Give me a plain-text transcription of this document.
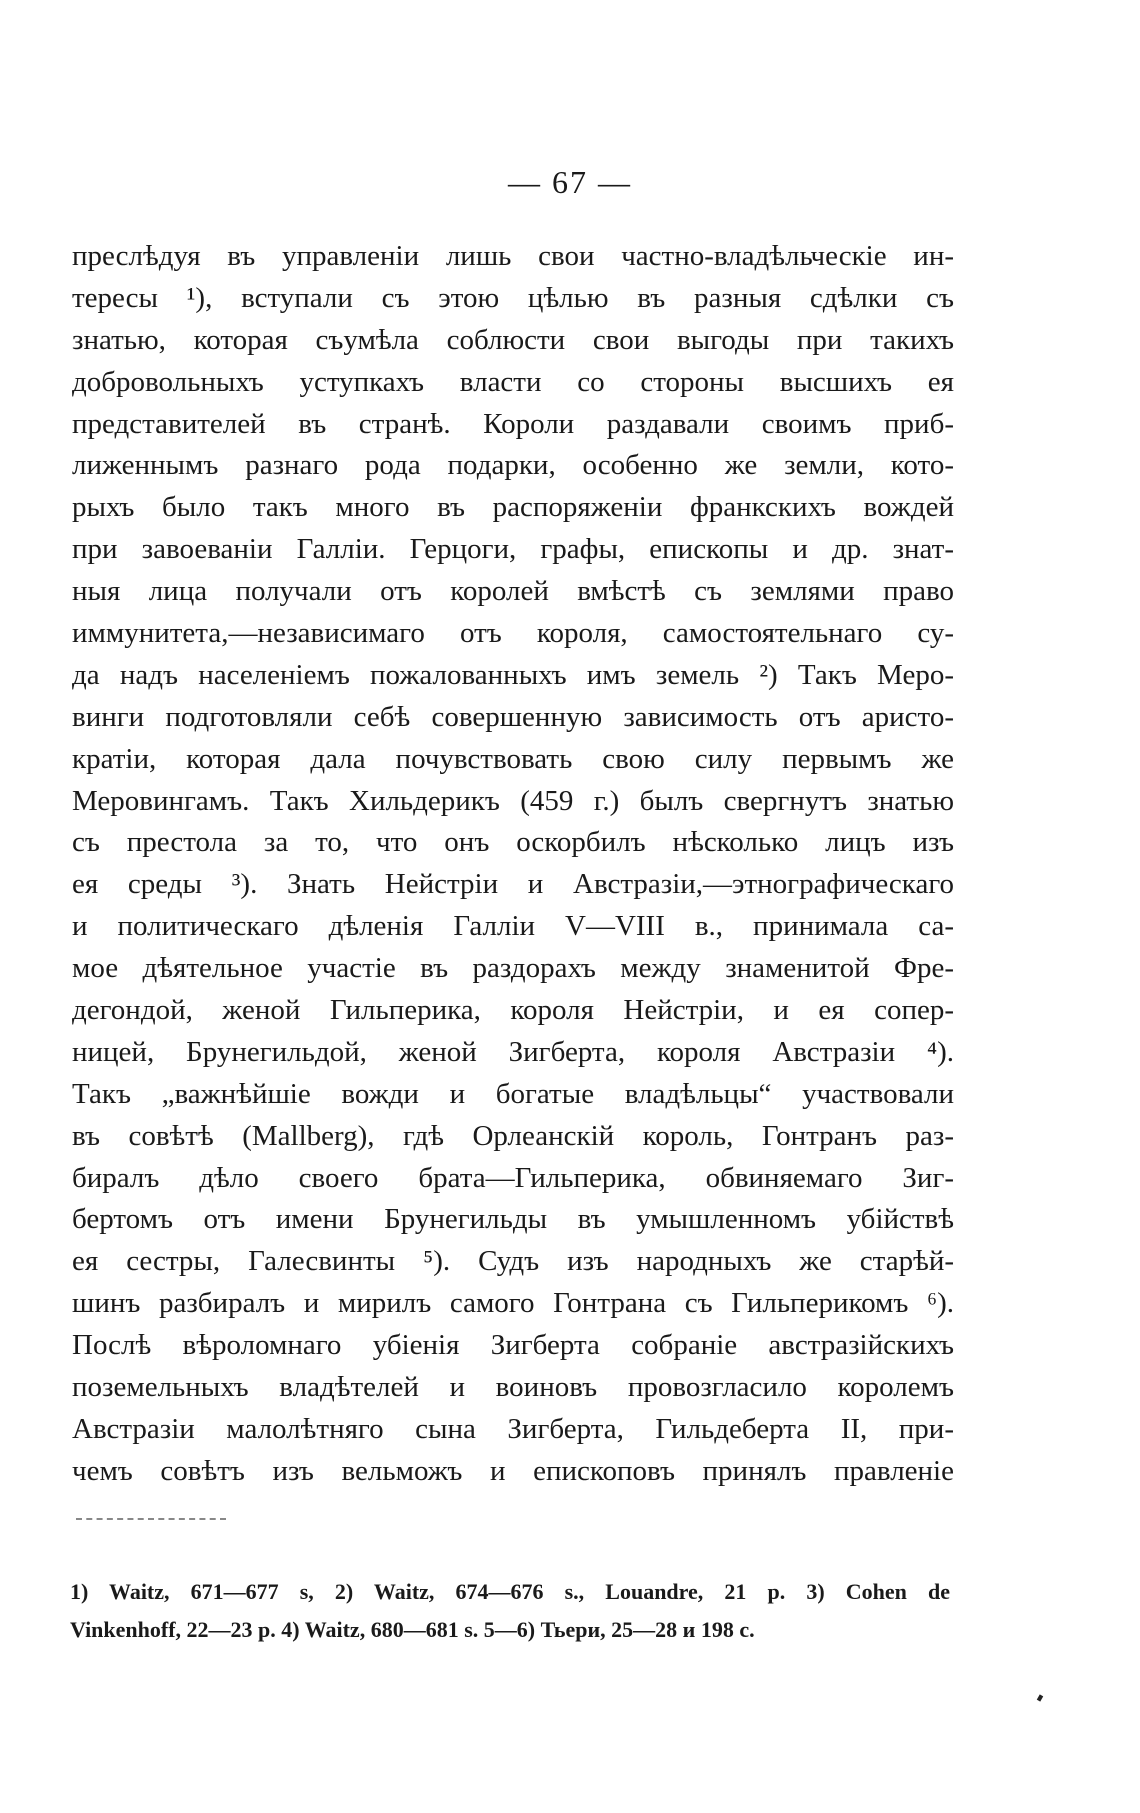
— 67 —
преслѣдуя въ управленіи лишь свои частно-владѣльческіе ин-
тересы ¹), вступали съ этою цѣлью въ разныя сдѣлки съ
знатью, которая съумѣла соблюсти свои выгоды при такихъ
добровольныхъ уступкахъ власти со стороны высшихъ ея
представителей въ странѣ. Короли раздавали своимъ приб-
лиженнымъ разнаго рода подарки, особенно же земли, кото-
рыхъ было такъ много въ распоряженіи франкскихъ вождей
при завоеваніи Галліи. Герцоги, графы, епископы и др. знат-
ныя лица получали отъ королей вмѣстѣ съ землями право
иммунитета,—независимаго отъ короля, самостоятельнаго су-
да надъ населеніемъ пожалованныхъ имъ земель ²) Такъ Меро-
винги подготовляли себѣ совершенную зависимость отъ аристо-
кратіи, которая дала почувствовать свою силу первымъ же
Меровингамъ. Такъ Хильдерикъ (459 г.) былъ свергнутъ знатью
съ престола за то, что онъ оскорбилъ нѣсколько лицъ изъ
ея среды ³). Знать Нейстріи и Австразіи,—этнографическаго
и политическаго дѣленія Галліи V—VIII в., принимала са-
мое дѣятельное участіе въ раздорахъ между знаменитой Фре-
дегондой, женой Гильперика, короля Нейстріи, и ея сопер-
ницей, Брунегильдой, женой Зигберта, короля Австразіи ⁴).
Такъ „важнѣйшіе вожди и богатые владѣльцы“ участвовали
въ совѣтѣ (Mallberg), гдѣ Орлеанскій король, Гонтранъ раз-
биралъ дѣло своего брата—Гильперика, обвиняемаго Зиг-
бертомъ отъ имени Брунегильды въ умышленномъ убійствѣ
ея сестры, Галесвинты ⁵). Судъ изъ народныхъ же старѣй-
шинъ разбиралъ и мирилъ самого Гонтрана съ Гильперикомъ ⁶).
Послѣ вѣроломнаго убіенія Зигберта собраніе австразійскихъ
поземельныхъ владѣтелей и воиновъ провозгласило королемъ
Австразіи малолѣтняго сына Зигберта, Гильдеберта II, при-
чемъ совѣтъ изъ вельможъ и епископовъ принялъ правленіе
1) Waitz, 671—677 s, 2) Waitz, 674—676 s., Louandre, 21 p. 3) Cohen de
Vinkenhoff, 22—23 p. 4) Waitz, 680—681 s. 5—6) Тьери, 25—28 и 198 с.
